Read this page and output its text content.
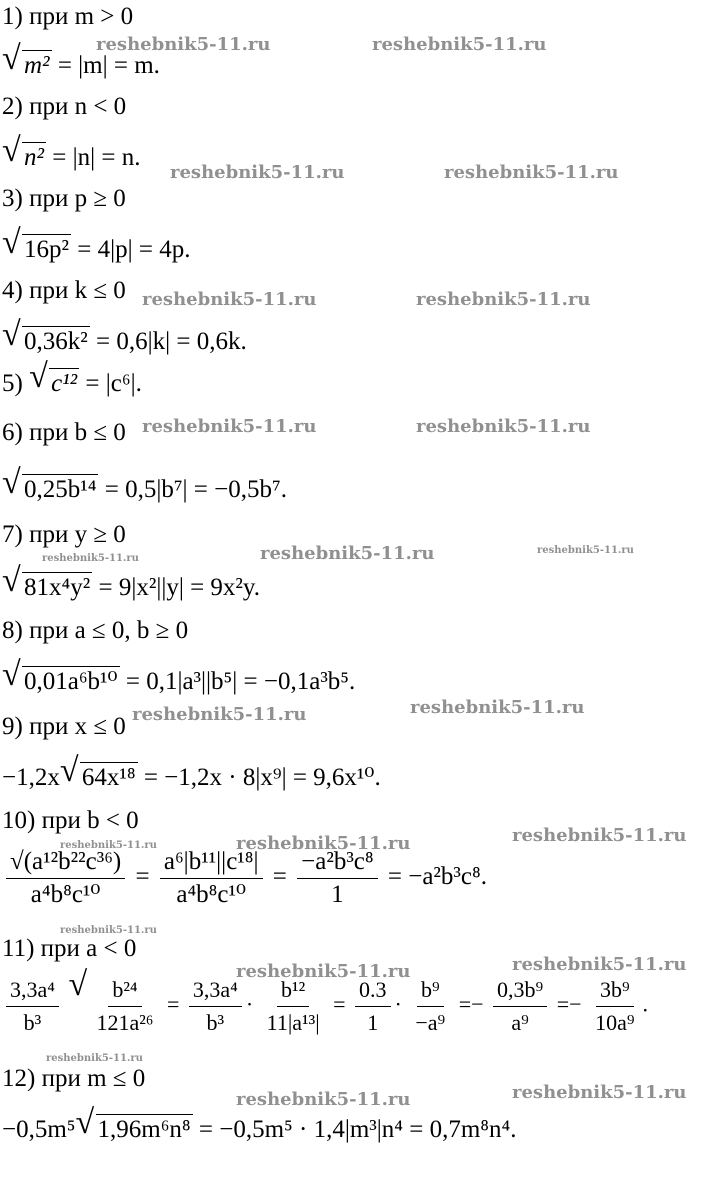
1) при m > 0
√ m² = |m| = m.
2) при n < 0
√ n² = |n| = n.
3) при p ≥ 0
√ 16p² = 4|p| = 4p.
4) при k ≤ 0
√ 0,36k² = 0,6|k| = 0,6k.
5) √ c¹² = |c⁶|.
6) при b ≤ 0
√ 0,25b¹⁴ = 0,5|b⁷| = −0,5b⁷.
7) при y ≥ 0
√ 81x⁴y² = 9|x²||y| = 9x²y.
8) при a ≤ 0, b ≥ 0
√ 0,01a⁶b¹⁰ = 0,1|a³||b⁵| = −0,1a³b⁵.
9) при x ≤ 0
−1,2x √ 64x¹⁸ = −1,2x · 8|x⁹| = 9,6x¹⁰.
10) при b < 0
$\frac{\text{√(a¹²b²²c³⁶)}}{\text{a⁴b⁸c¹⁰}} = \frac{\text{a⁶|b¹¹||c¹⁸|}}{\text{a⁴b⁸c¹⁰}} = \frac{\text{−a²b³c⁸}}{1} = -a^2b^3c^8$.
11) при a < 0
$\frac{\text{3,3a⁴}}{\text{b³}}$
√ $\frac{\text{b²⁴}}{\text{121a²⁶}} = \frac{\text{3,3a⁴}}{\text{b³}} \cdot \frac{\text{b¹²}}{\text{11|a¹³|}} = \frac{0.3}{1} \cdot \frac{\text{b⁹}}{\text{−a⁹}} =- \frac{\text{0,3b⁹}}{\text{a⁹}} =- \frac{\text{3b⁹}}{\text{10a⁹}}$ .
12) при m ≤ 0
−0,5m⁵ √ 1,96m⁶n⁸ = −0,5m⁵ · 1,4|m³|n⁴ = 0,7m⁸n⁴.
reshebnik5-11.ru	reshebnik5-11.ru
reshebnik5-11.ru	reshebnik5-11.ru
reshebnik5-11.ru	reshebnik5-11.ru
reshebnik5-11.ru	reshebnik5-11.ru
reshebnik5-11.ru	reshebnik5-11.ru	reshebnik5-11.ru
reshebnik5-11.ru	reshebnik5-11.ru
reshebnik5-11.ru	reshebnik5-11.ru
reshebnik5-11.ru
reshebnik5-11.ru
reshebnik5-11.ru	reshebnik5-11.ru
reshebnik5-11.ru
reshebnik5-11.ru	reshebnik5-11.ru
